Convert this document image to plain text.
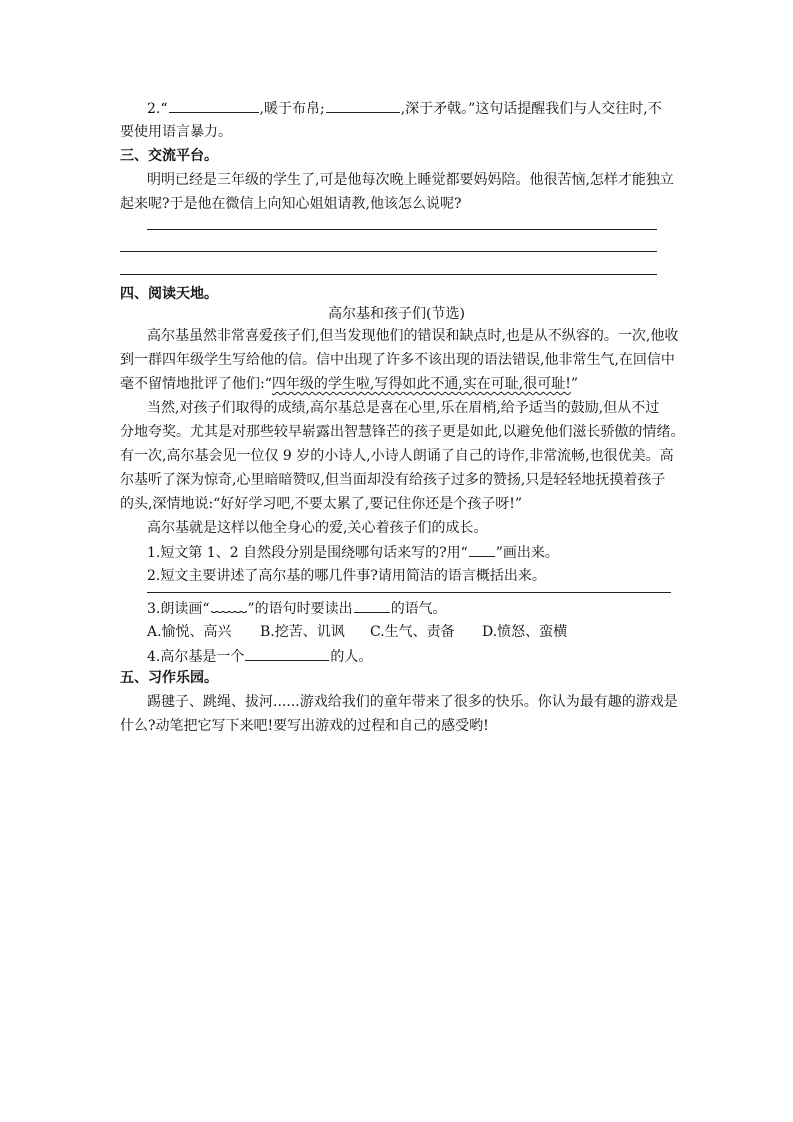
2.“	,暖于布帛;	,深于矛戟。”这句话提醒我们与人交往时,不
要使用语言暴力。
三、交流平台。
明明已经是三年级的学生了,可是他每次晚上睡觉都要妈妈陪。他很苦恼,怎样才能独立
起来呢?于是他在微信上向知心姐姐请教,他该怎么说呢?
四、阅读天地。
高尔基和孩子们(节选)
高尔基虽然非常喜爱孩子们,但当发现他们的错误和缺点时,也是从不纵容的。一次,他收
到一群四年级学生写给他的信。信中出现了许多不该出现的语法错误,他非常生气,在回信中
毫不留情地批评了他们:“四年级的学生啦,写得如此不通,实在可耻,很可耻!”
当然,对孩子们取得的成绩,高尔基总是喜在心里,乐在眉梢,给予适当的鼓励,但从不过
分地夸奖。尤其是对那些较早崭露出智慧锋芒的孩子更是如此,以避免他们滋长骄傲的情绪。
有一次,高尔基会见一位仅 9 岁的小诗人,小诗人朗诵了自己的诗作,非常流畅,也很优美。高
尔基听了深为惊奇,心里暗暗赞叹,但当面却没有给孩子过多的赞扬,只是轻轻地抚摸着孩子
的头,深情地说:“好好学习吧,不要太累了,要记住你还是个孩子呀!”
高尔基就是这样以他全身心的爱,关心着孩子们的成长。
1.短文第 1、2 自然段分别是围绕哪句话来写的?用“ ”画出来。
2.短文主要讲述了高尔基的哪几件事?请用简洁的语言概括出来。
3.朗读画“	”的语句时要读出	的语气。
A.愉悦、高兴 B.挖苦、讥讽 C.生气、责备 D.愤怒、蛮横
4.高尔基是一个	的人。
五、习作乐园。
踢毽子、跳绳、拔河......游戏给我们的童年带来了很多的快乐。你认为最有趣的游戏是
什么?动笔把它写下来吧!要写出游戏的过程和自己的感受哟!
